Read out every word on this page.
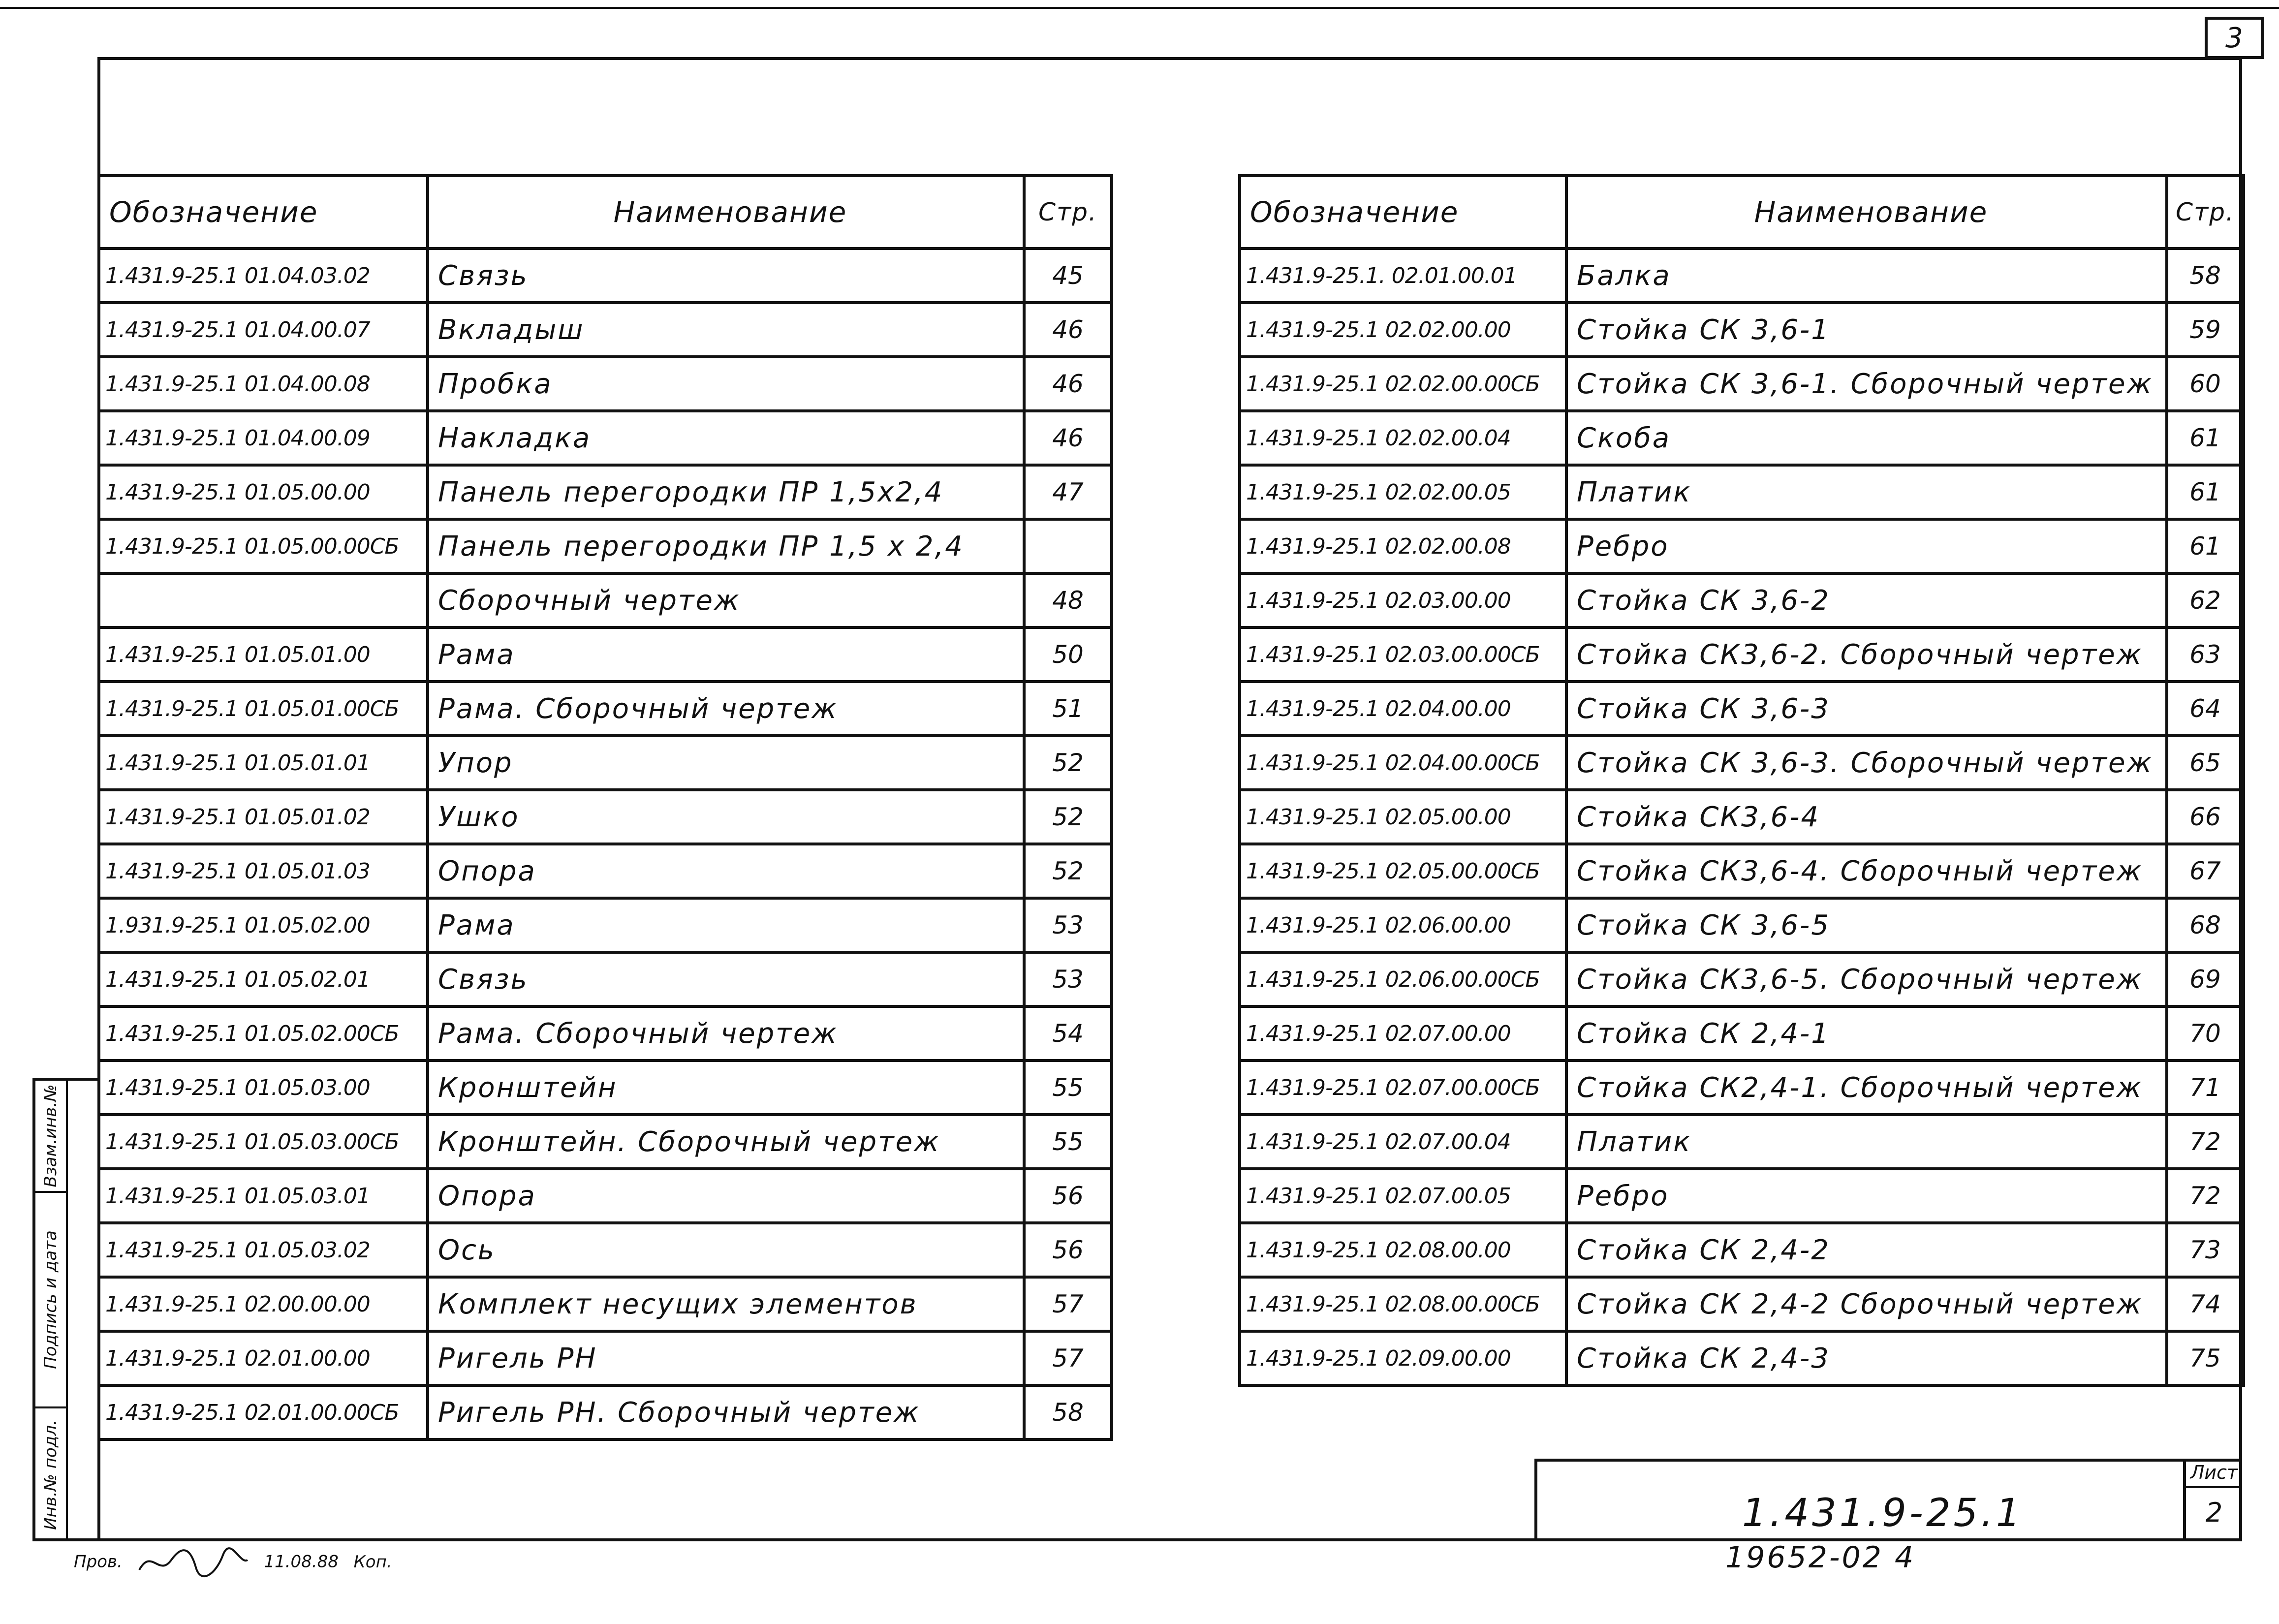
3
Обозначение	Наименование	Стр.
1.431.9-25.1 01.04.03.02	Связь	45
1.431.9-25.1 01.04.00.07	Вкладыш	46
1.431.9-25.1 01.04.00.08	Пробка	46
1.431.9-25.1 01.04.00.09	Накладка	46
1.431.9-25.1 01.05.00.00	Панель перегородки ПР 1,5х2,4	47
1.431.9-25.1 01.05.00.00СБ	Панель перегородки ПР 1,5 х 2,4	
	Сборочный чертеж	48
1.431.9-25.1 01.05.01.00	Рама	50
1.431.9-25.1 01.05.01.00СБ	Рама. Сборочный чертеж	51
1.431.9-25.1 01.05.01.01	Упор	52
1.431.9-25.1 01.05.01.02	Ушко	52
1.431.9-25.1 01.05.01.03	Опора	52
1.931.9-25.1 01.05.02.00	Рама	53
1.431.9-25.1 01.05.02.01	Связь	53
1.431.9-25.1 01.05.02.00СБ	Рама. Сборочный чертеж	54
1.431.9-25.1 01.05.03.00	Кронштейн	55
1.431.9-25.1 01.05.03.00СБ	Кронштейн. Сборочный чертеж	55
1.431.9-25.1 01.05.03.01	Опора	56
1.431.9-25.1 01.05.03.02	Ось	56
1.431.9-25.1 02.00.00.00	Комплект несущих элементов	57
1.431.9-25.1 02.01.00.00	Ригель РН	57
1.431.9-25.1 02.01.00.00СБ	Ригель РН. Сборочный чертеж	58
Обозначение	Наименование	Стр.
1.431.9-25.1. 02.01.00.01	Балка	58
1.431.9-25.1 02.02.00.00	Стойка СК 3,6-1	59
1.431.9-25.1 02.02.00.00СБ	Стойка СК 3,6-1. Сборочный чертеж	60
1.431.9-25.1 02.02.00.04	Скоба	61
1.431.9-25.1 02.02.00.05	Платик	61
1.431.9-25.1 02.02.00.08	Ребро	61
1.431.9-25.1 02.03.00.00	Стойка СК 3,6-2	62
1.431.9-25.1 02.03.00.00СБ	Стойка СК3,6-2. Сборочный чертеж	63
1.431.9-25.1 02.04.00.00	Стойка СК 3,6-3	64
1.431.9-25.1 02.04.00.00СБ	Стойка СК 3,6-3. Сборочный чертеж	65
1.431.9-25.1 02.05.00.00	Стойка СК3,6-4	66
1.431.9-25.1 02.05.00.00СБ	Стойка СК3,6-4. Сборочный чертеж	67
1.431.9-25.1 02.06.00.00	Стойка СК 3,6-5	68
1.431.9-25.1 02.06.00.00СБ	Стойка СК3,6-5. Сборочный чертеж	69
1.431.9-25.1 02.07.00.00	Стойка СК 2,4-1	70
1.431.9-25.1 02.07.00.00СБ	Стойка СК2,4-1. Сборочный чертеж	71
1.431.9-25.1 02.07.00.04	Платик	72
1.431.9-25.1 02.07.00.05	Ребро	72
1.431.9-25.1 02.08.00.00	Стойка СК 2,4-2	73
1.431.9-25.1 02.08.00.00СБ	Стойка СК 2,4-2 Сборочный чертеж	74
1.431.9-25.1 02.09.00.00	Стойка СК 2,4-3	75
Взам.инв.№
Подпись и дата
Инв.№ подл.	1.431.9-25.1
Лист
2
19652-02 4
Пров.	11.08.88 Коп.
